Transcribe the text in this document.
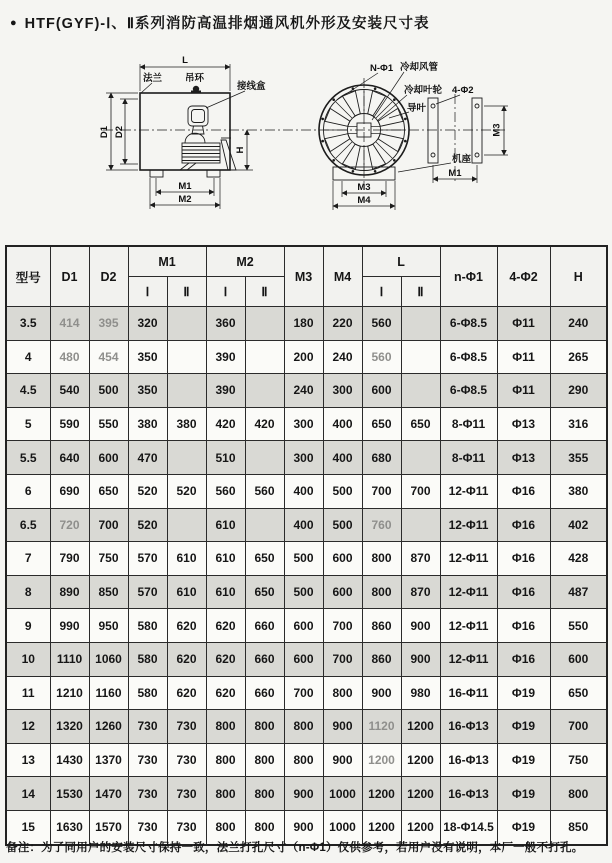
● HTF(GYF)-Ⅰ、Ⅱ系列消防高温排烟通风机外形及安装尺寸表
L
法兰 吊环
接线盒
D1 D2
H
M1
M2
N-Φ1 冷却风管
冷却叶轮 4-Φ2
导叶
机座
M3
M4
M3
M1
型号	D1	D2	M1		M2		M3	M4	L		n-Φ1	4-Φ2	H
			Ⅰ	Ⅱ	Ⅰ	Ⅱ			Ⅰ	Ⅱ			
3.5	414	395	320		360		180	220	560		6-Φ8.5	Φ11	240
4	480	454	350		390		200	240	560		6-Φ8.5	Φ11	265
4.5	540	500	350		390		240	300	600		6-Φ8.5	Φ11	290
5	590	550	380	380	420	420	300	400	650	650	8-Φ11	Φ13	316
5.5	640	600	470		510		300	400	680		8-Φ11	Φ13	355
6	690	650	520	520	560	560	400	500	700	700	12-Φ11	Φ16	380
6.5	720	700	520		610		400	500	760		12-Φ11	Φ16	402
7	790	750	570	610	610	650	500	600	800	870	12-Φ11	Φ16	428
8	890	850	570	610	610	650	500	600	800	870	12-Φ11	Φ16	487
9	990	950	580	620	620	660	600	700	860	900	12-Φ11	Φ16	550
10	1110	1060	580	620	620	660	600	700	860	900	12-Φ11	Φ16	600
11	1210	1160	580	620	620	660	700	800	900	980	16-Φ11	Φ19	650
12	1320	1260	730	730	800	800	800	900	1120	1200	16-Φ13	Φ19	700
13	1430	1370	730	730	800	800	800	900	1200	1200	16-Φ13	Φ19	750
14	1530	1470	730	730	800	800	900	1000	1200	1200	16-Φ13	Φ19	800
15	1630	1570	730	730	800	800	900	1000	1200	1200	18-Φ14.5	Φ19	850
备注：为了同用户的安装尺寸保持一致，法兰打孔尺寸（n-Φ1）仅供参考，若用户没有说明，本厂一般不打孔。
